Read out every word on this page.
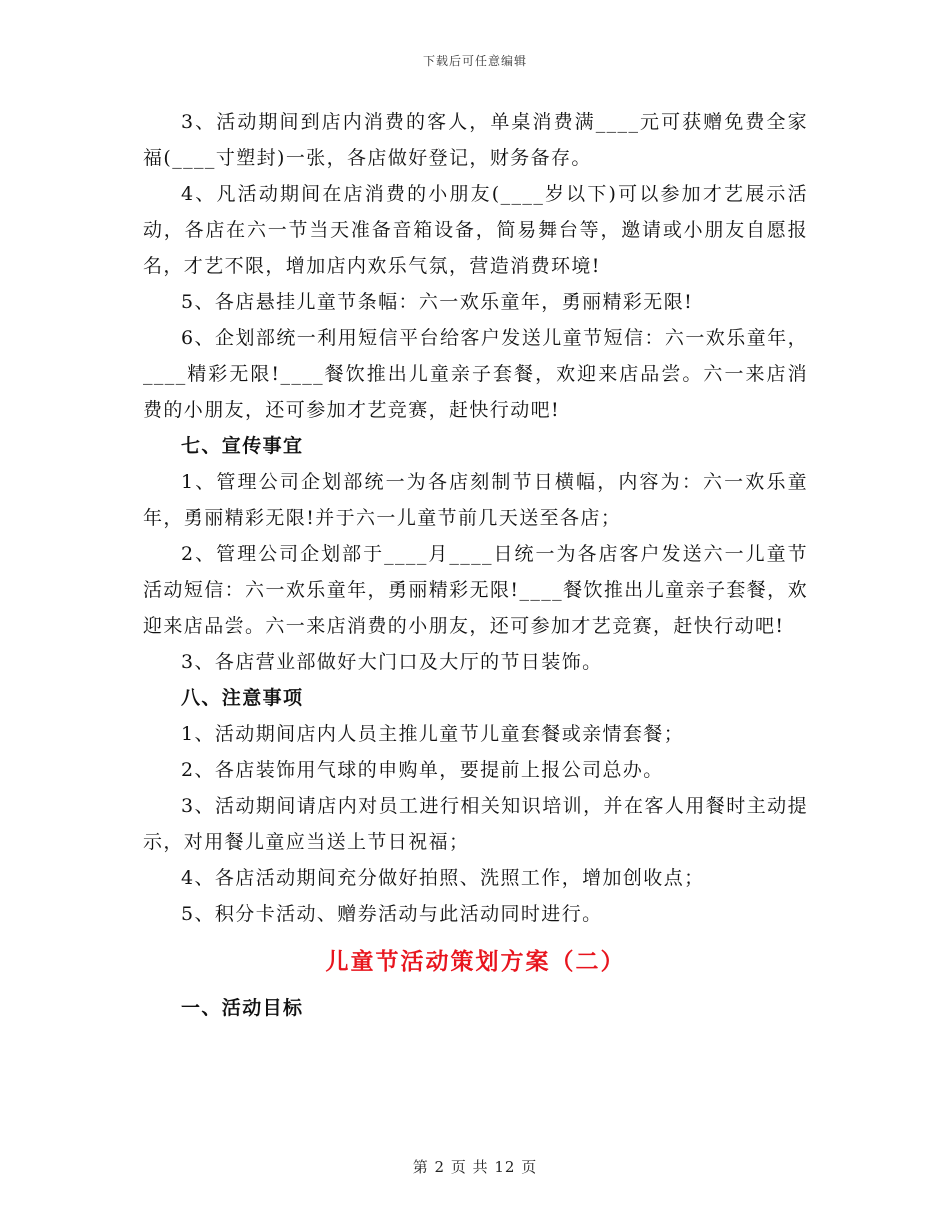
下载后可任意编辑

3、活动期间到店内消费的客人，单桌消费满____元可获赠免费全家福(____寸塑封)一张，各店做好登记，财务备存。

4、凡活动期间在店消费的小朋友(____岁以下)可以参加才艺展示活动，各店在六一节当天准备音箱设备，简易舞台等，邀请或小朋友自愿报名，才艺不限，增加店内欢乐气氛，营造消费环境!

5、各店悬挂儿童节条幅：六一欢乐童年，勇丽精彩无限!

6、企划部统一利用短信平台给客户发送儿童节短信：六一欢乐童年，____精彩无限!____餐饮推出儿童亲子套餐，欢迎来店品尝。六一来店消费的小朋友，还可参加才艺竞赛，赶快行动吧!

七、宣传事宜

1、管理公司企划部统一为各店刻制节日横幅，内容为：六一欢乐童年，勇丽精彩无限!并于六一儿童节前几天送至各店；

2、管理公司企划部于____月____日统一为各店客户发送六一儿童节活动短信：六一欢乐童年，勇丽精彩无限!____餐饮推出儿童亲子套餐，欢迎来店品尝。六一来店消费的小朋友，还可参加才艺竞赛，赶快行动吧!

3、各店营业部做好大门口及大厅的节日装饰。

八、注意事项

1、活动期间店内人员主推儿童节儿童套餐或亲情套餐；

2、各店装饰用气球的申购单，要提前上报公司总办。

3、活动期间请店内对员工进行相关知识培训，并在客人用餐时主动提示，对用餐儿童应当送上节日祝福；

4、各店活动期间充分做好拍照、洗照工作，增加创收点；

5、积分卡活动、赠券活动与此活动同时进行。

儿童节活动策划方案（二）

一、活动目标

第 2 页 共 12 页
